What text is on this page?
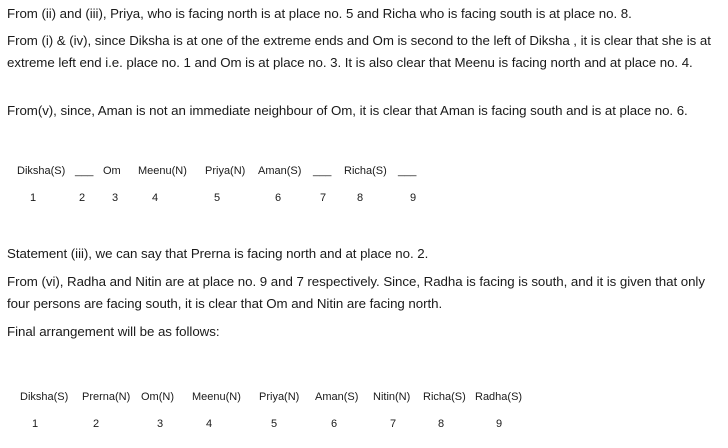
From (ii) and (iii), Priya, who is facing north is at place no. 5 and Richa who is facing south is at place no. 8.

From (i) & (iv), since Diksha is at one of the extreme ends and Om is second to the left of Diksha , it is clear that she is at extreme left end i.e. place no. 1 and Om is at place no. 3. It is also clear that Meenu is facing north and at place no. 4.

From(v), since, Aman is not an immediate neighbour of Om, it is clear that Aman is facing south and is at place no. 6.

Diksha(S) ___ Om Meenu(N) Priya(N) Aman(S) ___ Richa(S) ___
1	2 3	4	5	6	7	8	9

Statement (iii), we can say that Prerna is facing north and at place no. 2.

From (vi), Radha and Nitin are at place no. 9 and 7 respectively. Since, Radha is facing is south, and it is given that only four persons are facing south, it is clear that Om and Nitin are facing north.

Final arrangement will be as follows:

Diksha(S) Prerna(N) Om(N) Meenu(N) Priya(N) Aman(S) Nitin(N) Richa(S) Radha(S)
1	2	3	4	5	6	7	8	9
